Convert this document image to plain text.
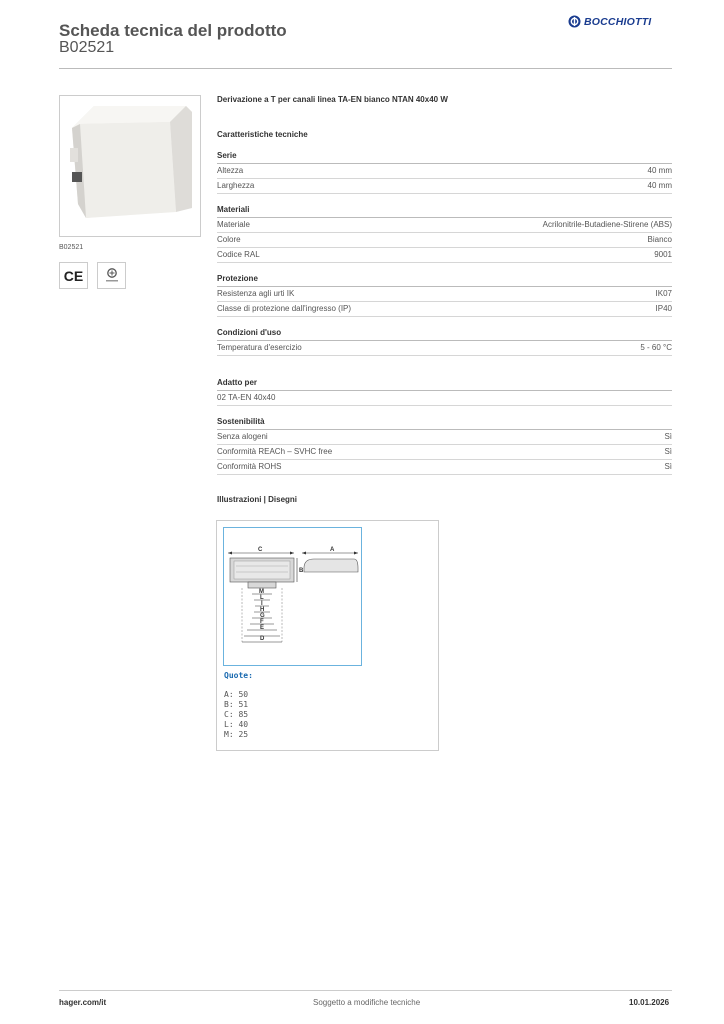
Scheda tecnica del prodotto
B02521
BOCCHIOTTI
B02521
CE
Derivazione a T per canali linea TA-EN bianco NTAN 40x40 W
Caratteristiche tecniche
Serie
Altezza	40 mm
Larghezza	40 mm
Materiali
Materiale	Acrilonitrile-Butadiene-Stirene (ABS)
Colore	Bianco
Codice RAL	9001
Protezione
Resistenza agli urti IK	IK07
Classe di protezione dall'ingresso (IP)	IP40
Condizioni d'uso
Temperatura d'esercizio	5 - 60 °C
Adatto per
02 TA-EN 40x40
Sostenibilità
Senza alogeni	Sì
Conformità REACh – SVHC free	Sì
Conformità ROHS	Sì
Illustrazioni | Disegni
C	A
B
M
L
I
H
G
F
E
D
Quote:
A: 50
B: 51
C: 85
L: 40
M: 25
hager.com/it	Soggetto a modifiche tecniche	10.01.2026
